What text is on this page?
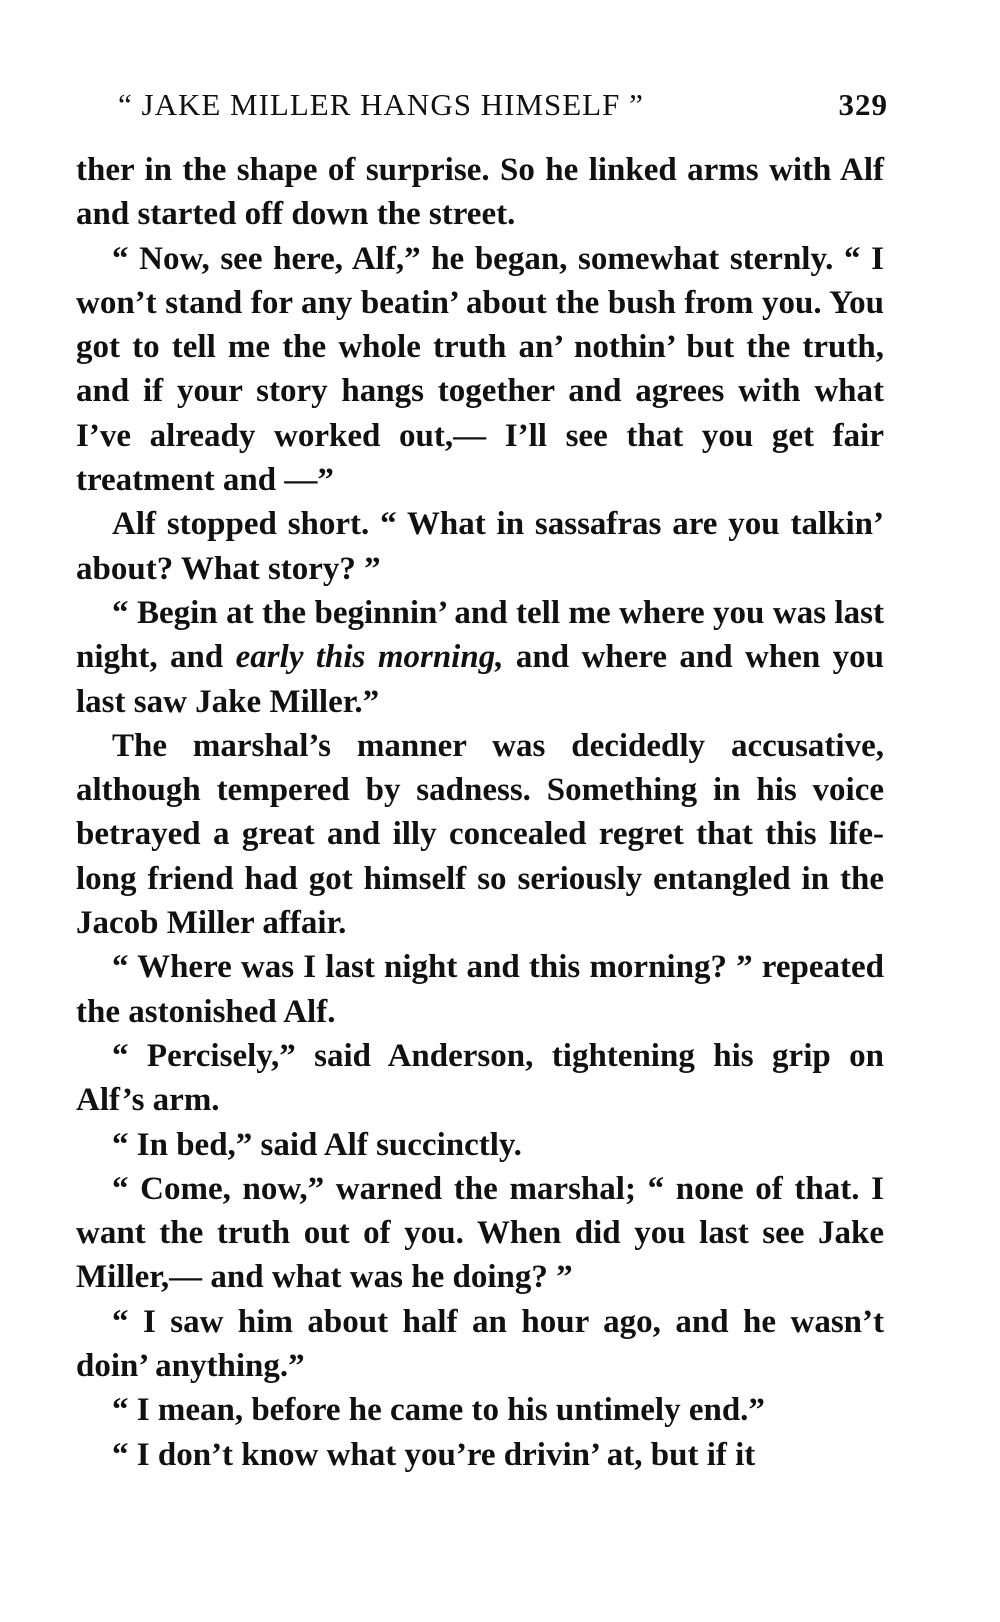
“ JAKE MILLER HANGS HIMSELF ”	329

ther in the shape of surprise. So he linked arms with Alf and started off down the street.

“ Now, see here, Alf,” he began, somewhat sternly. “ I won’t stand for any beatin’ about the bush from you. You got to tell me the whole truth an’ nothin’ but the truth, and if your story hangs together and agrees with what I’ve already worked out,— I’ll see that you get fair treatment and —”

Alf stopped short. “ What in sassafras are you talkin’ about? What story? ”

“ Begin at the beginnin’ and tell me where you was last night, and early this morning, and where and when you last saw Jake Miller.”

The marshal’s manner was decidedly accusative, although tempered by sadness. Something in his voice betrayed a great and illy concealed regret that this life-long friend had got himself so seriously entangled in the Jacob Miller affair.

“ Where was I last night and this morning? ” repeated the astonished Alf.

“ Percisely,” said Anderson, tightening his grip on Alf’s arm.

“ In bed,” said Alf succinctly.

“ Come, now,” warned the marshal; “ none of that. I want the truth out of you. When did you last see Jake Miller,— and what was he doing? ”

“ I saw him about half an hour ago, and he wasn’t doin’ anything.”

“ I mean, before he came to his untimely end.”

“ I don’t know what you’re drivin’ at, but if it
